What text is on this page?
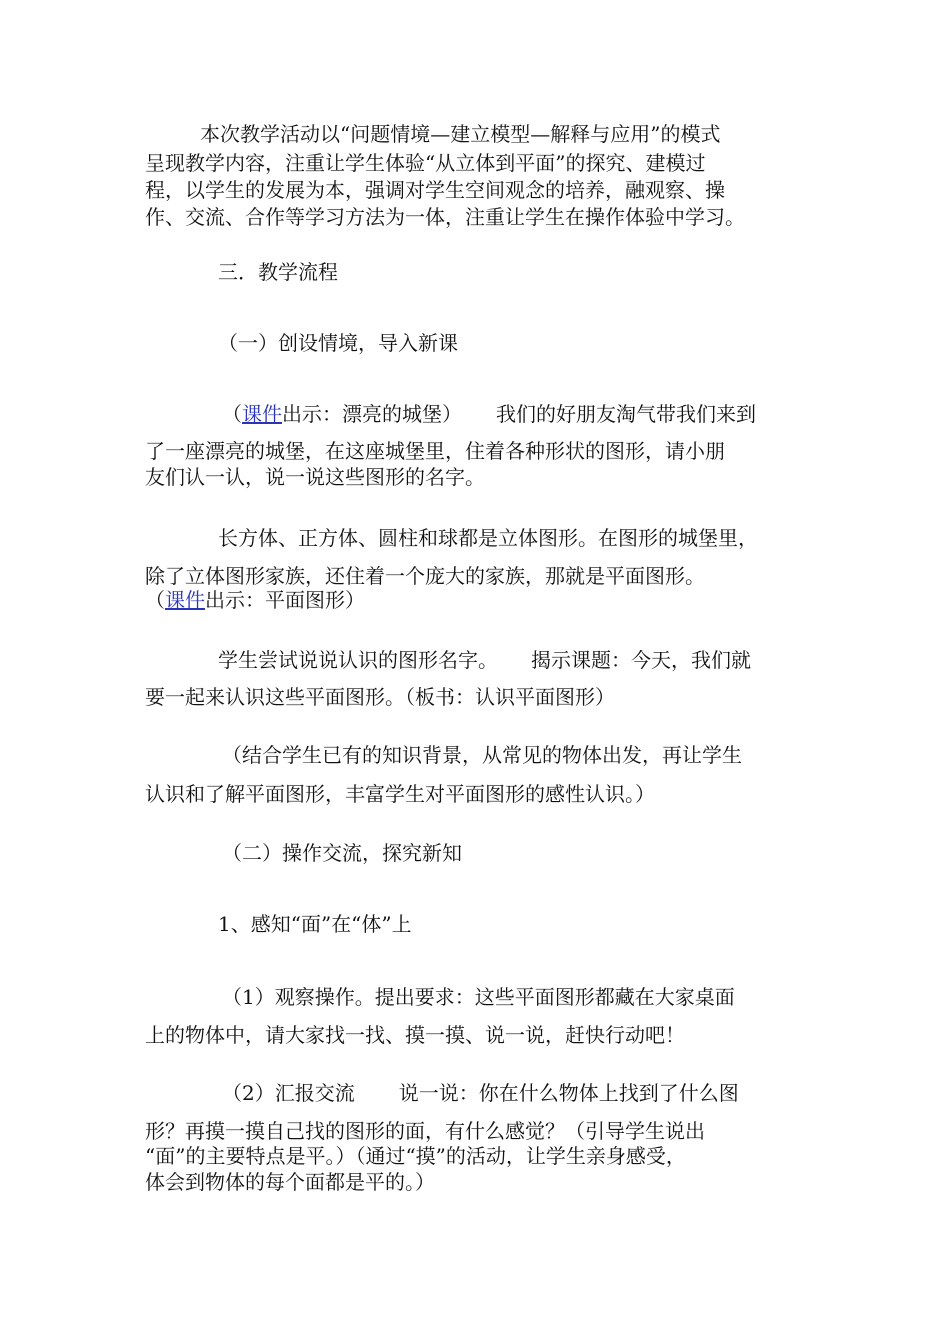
本次教学活动以“问题情境—建立模型—解释与应用”的模式
呈现教学内容，注重让学生体验“从立体到平面”的探究、建模过
程，以学生的发展为本，强调对学生空间观念的培养，融观察、操
作、交流、合作等学习方法为一体，注重让学生在操作体验中学习。
三．教学流程
（一）创设情境，导入新课
（课件出示：漂亮的城堡） 我们的好朋友淘气带我们来到
了一座漂亮的城堡，在这座城堡里，住着各种形状的图形，请小朋
友们认一认，说一说这些图形的名字。
长方体、正方体、圆柱和球都是立体图形。在图形的城堡里，
除了立体图形家族，还住着一个庞大的家族，那就是平面图形。
（课件出示：平面图形）
学生尝试说说认识的图形名字。 揭示课题：今天，我们就
要一起来认识这些平面图形。（板书：认识平面图形）
（结合学生已有的知识背景，从常见的物体出发，再让学生
认识和了解平面图形，丰富学生对平面图形的感性认识。）
（二）操作交流，探究新知
1、感知“面”在“体”上
（1）观察操作。提出要求：这些平面图形都藏在大家桌面
上的物体中，请大家找一找、摸一摸、说一说，赶快行动吧！
（2）汇报交流 说一说：你在什么物体上找到了什么图
形？再摸一摸自己找的图形的面，有什么感觉？（引导学生说出
“面”的主要特点是平。）（通过“摸”的活动，让学生亲身感受，
体会到物体的每个面都是平的。）
